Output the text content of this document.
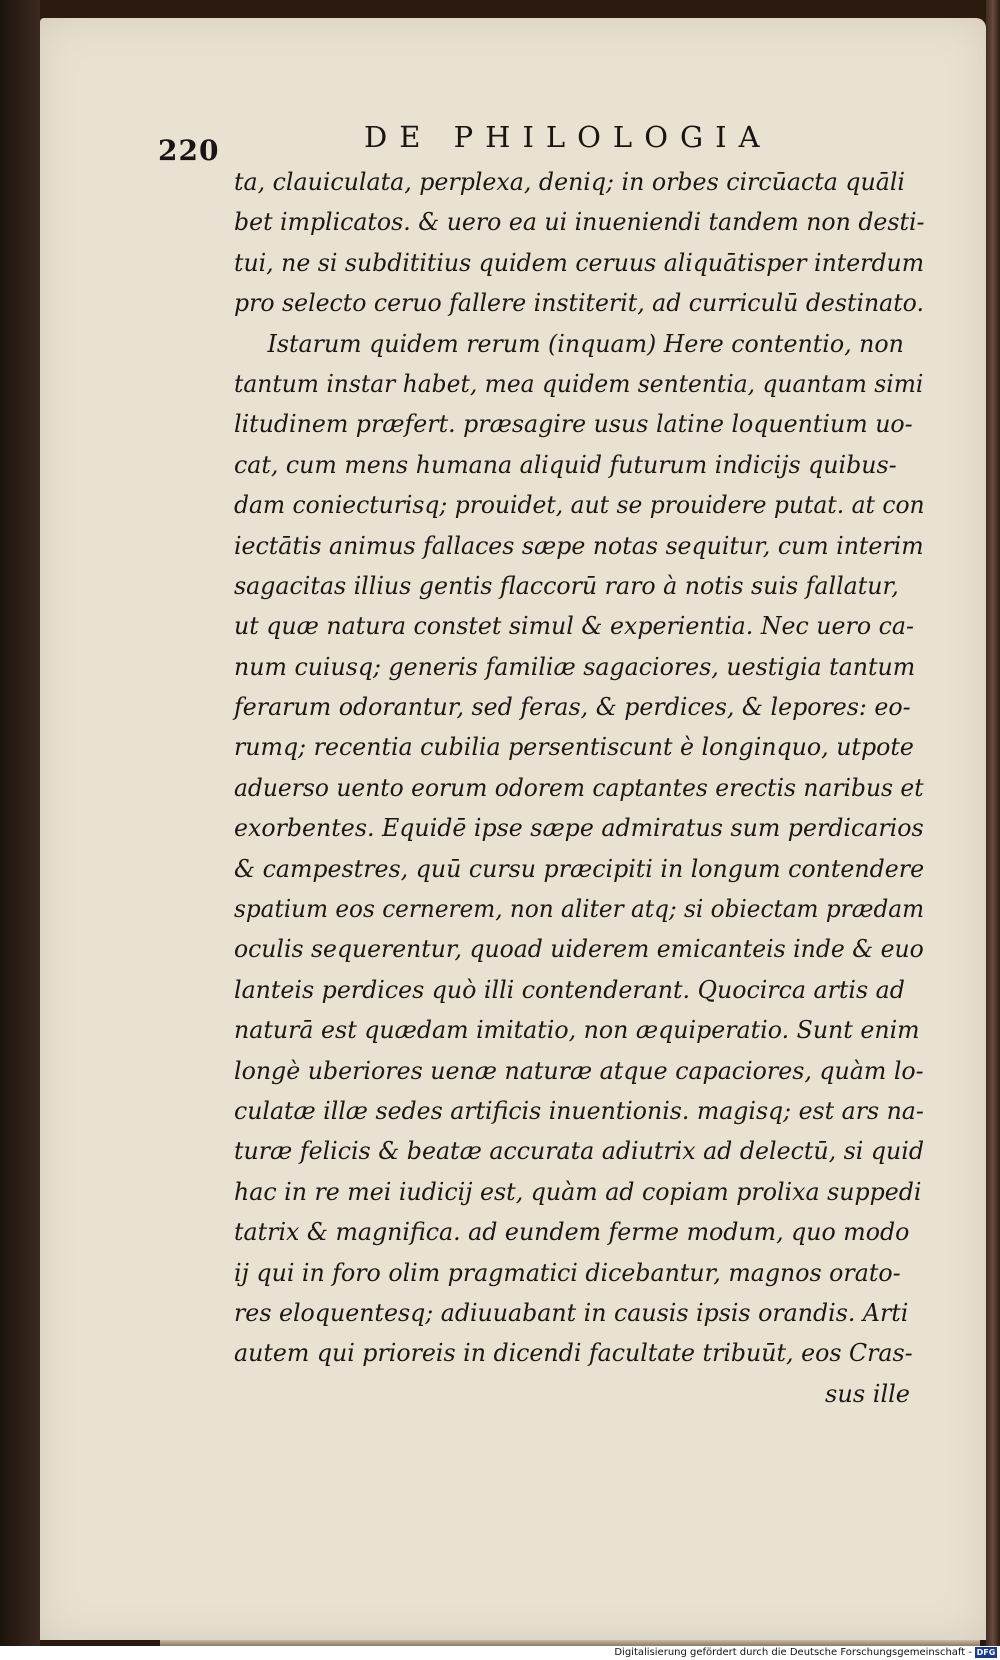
220	DE PHILOLOGIA
ta, clauiculata, perplexa, deniq; in orbes circūacta quāli
bet implicatos. & uero ea ui inueniendi tandem non desti-
tui, ne si subdititius quidem ceruus aliquātisper interdum
pro selecto ceruo fallere institerit, ad curriculū destinato.
Istarum quidem rerum (inquam) Here contentio, non
tantum instar habet, mea quidem sententia, quantam simi
litudinem præfert. præsagire usus latine loquentium uo-
cat, cum mens humana aliquid futurum indicijs quibus-
dam coniecturisq; prouidet, aut se prouidere putat. at con
iectātis animus fallaces sæpe notas sequitur, cum interim
sagacitas illius gentis flaccorū raro à notis suis fallatur,
ut quæ natura constet simul & experientia. Nec uero ca-
num cuiusq; generis familiæ sagaciores, uestigia tantum
ferarum odorantur, sed feras, & perdices, & lepores: eo-
rumq; recentia cubilia persentiscunt è longinquo, utpote
aduerso uento eorum odorem captantes erectis naribus et
exorbentes. Equidē ipse sæpe admiratus sum perdicarios
& campestres, quū cursu præcipiti in longum contendere
spatium eos cernerem, non aliter atq; si obiectam prædam
oculis sequerentur, quoad uiderem emicanteis inde & euo
lanteis perdices quò illi contenderant. Quocirca artis ad
naturā est quædam imitatio, non æquiperatio. Sunt enim
longè uberiores uenæ naturæ atque capaciores, quàm lo-
culatæ illæ sedes artificis inuentionis. magisq; est ars na-
turæ felicis & beatæ accurata adiutrix ad delectū, si quid
hac in re mei iudicij est, quàm ad copiam prolixa suppedi
tatrix & magnifica. ad eundem ferme modum, quo modo
ij qui in foro olim pragmatici dicebantur, magnos orato-
res eloquentesq; adiuuabant in causis ipsis orandis. Arti
autem qui prioreis in dicendi facultate tribuūt, eos Cras-
sus ille
Digitalisierung gefördert durch die Deutsche Forschungsgemeinschaft - DFG
